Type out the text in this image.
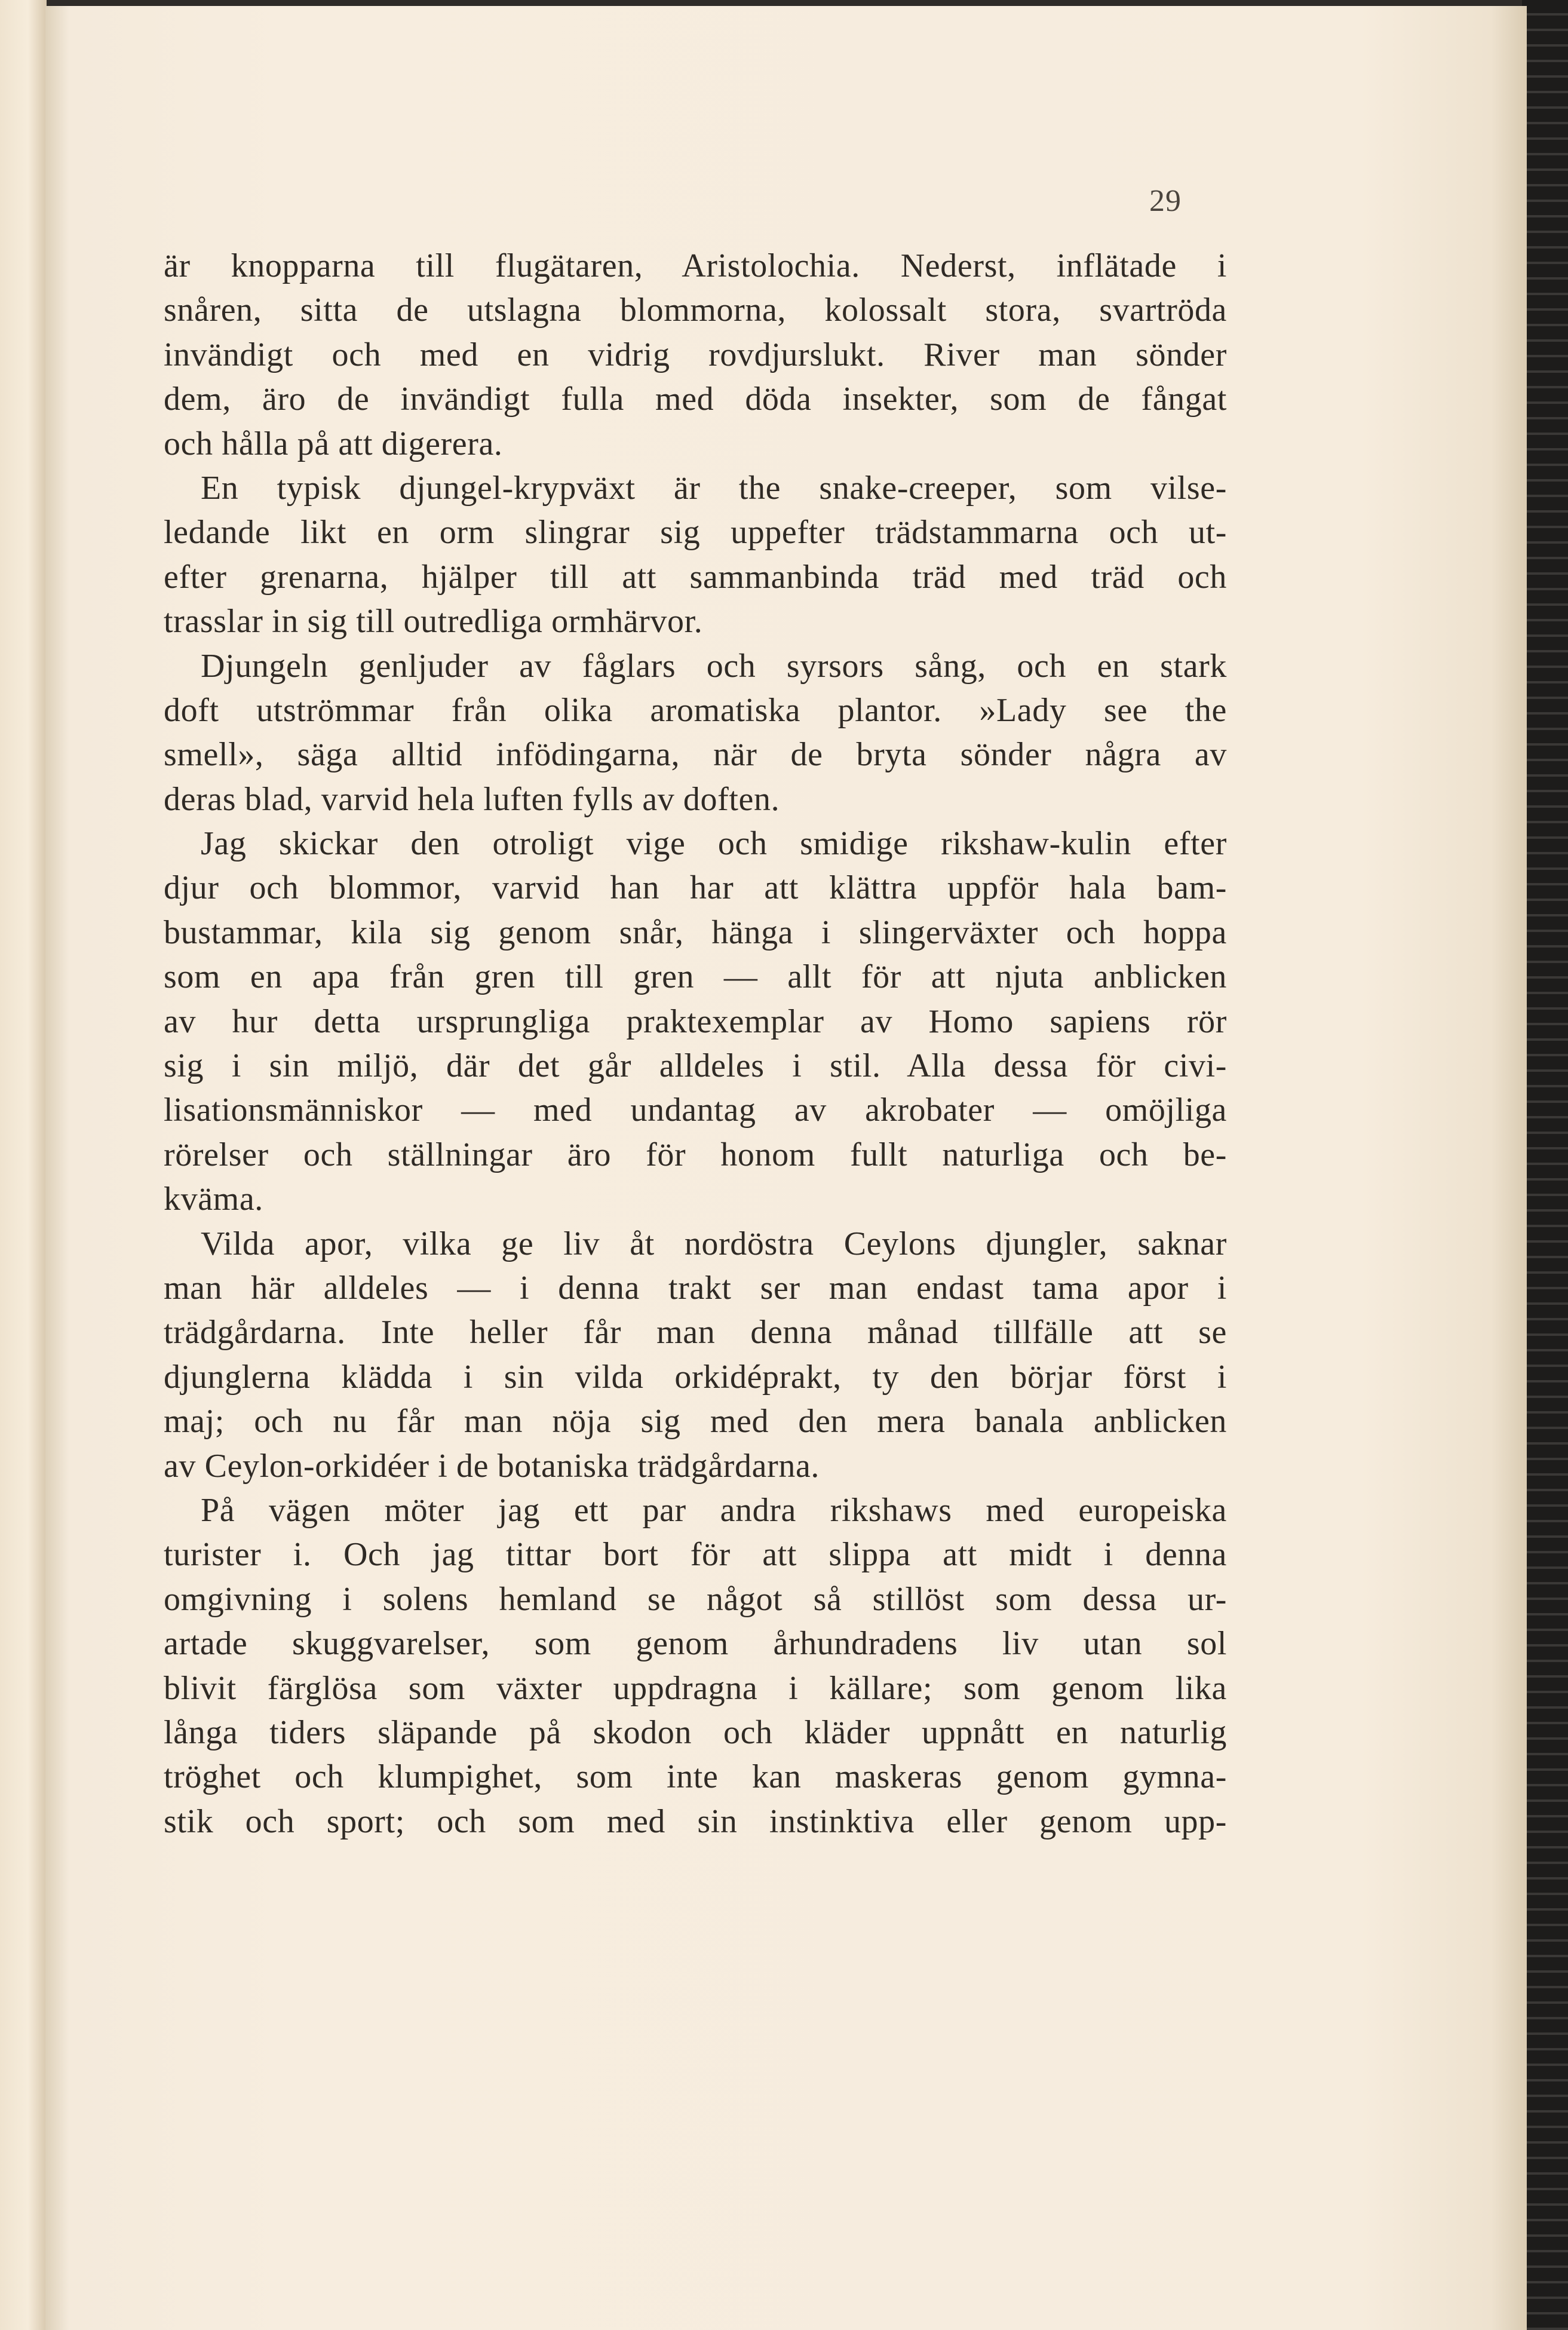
29
är knopparna till flugätaren, Aristolochia. Nederst, inflätade i
snåren, sitta de utslagna blommorna, kolossalt stora, svartröda
invändigt och med en vidrig rovdjurslukt. River man sönder
dem, äro de invändigt fulla med döda insekter, som de fångat
och hålla på att digerera.
En typisk djungel-krypväxt är the snake-creeper, som vilse-
ledande likt en orm slingrar sig uppefter trädstammarna och ut-
efter grenarna, hjälper till att sammanbinda träd med träd och
trasslar in sig till outredliga ormhärvor.
Djungeln genljuder av fåglars och syrsors sång, och en stark
doft utströmmar från olika aromatiska plantor. »Lady see the
smell», säga alltid infödingarna, när de bryta sönder några av
deras blad, varvid hela luften fylls av doften.
Jag skickar den otroligt vige och smidige rikshaw-kulin efter
djur och blommor, varvid han har att klättra uppför hala bam-
bustammar, kila sig genom snår, hänga i slingerväxter och hoppa
som en apa från gren till gren — allt för att njuta anblicken
av hur detta ursprungliga praktexemplar av Homo sapiens rör
sig i sin miljö, där det går alldeles i stil. Alla dessa för civi-
lisationsmänniskor — med undantag av akrobater — omöjliga
rörelser och ställningar äro för honom fullt naturliga och be-
kväma.
Vilda apor, vilka ge liv åt nordöstra Ceylons djungler, saknar
man här alldeles — i denna trakt ser man endast tama apor i
trädgårdarna. Inte heller får man denna månad tillfälle att se
djunglerna klädda i sin vilda orkidéprakt, ty den börjar först i
maj; och nu får man nöja sig med den mera banala anblicken
av Ceylon-orkidéer i de botaniska trädgårdarna.
På vägen möter jag ett par andra rikshaws med europeiska
turister i. Och jag tittar bort för att slippa att midt i denna
omgivning i solens hemland se något så stillöst som dessa ur-
artade skuggvarelser, som genom århundradens liv utan sol
blivit färglösa som växter uppdragna i källare; som genom lika
långa tiders släpande på skodon och kläder uppnått en naturlig
tröghet och klumpighet, som inte kan maskeras genom gymna-
stik och sport; och som med sin instinktiva eller genom upp-
